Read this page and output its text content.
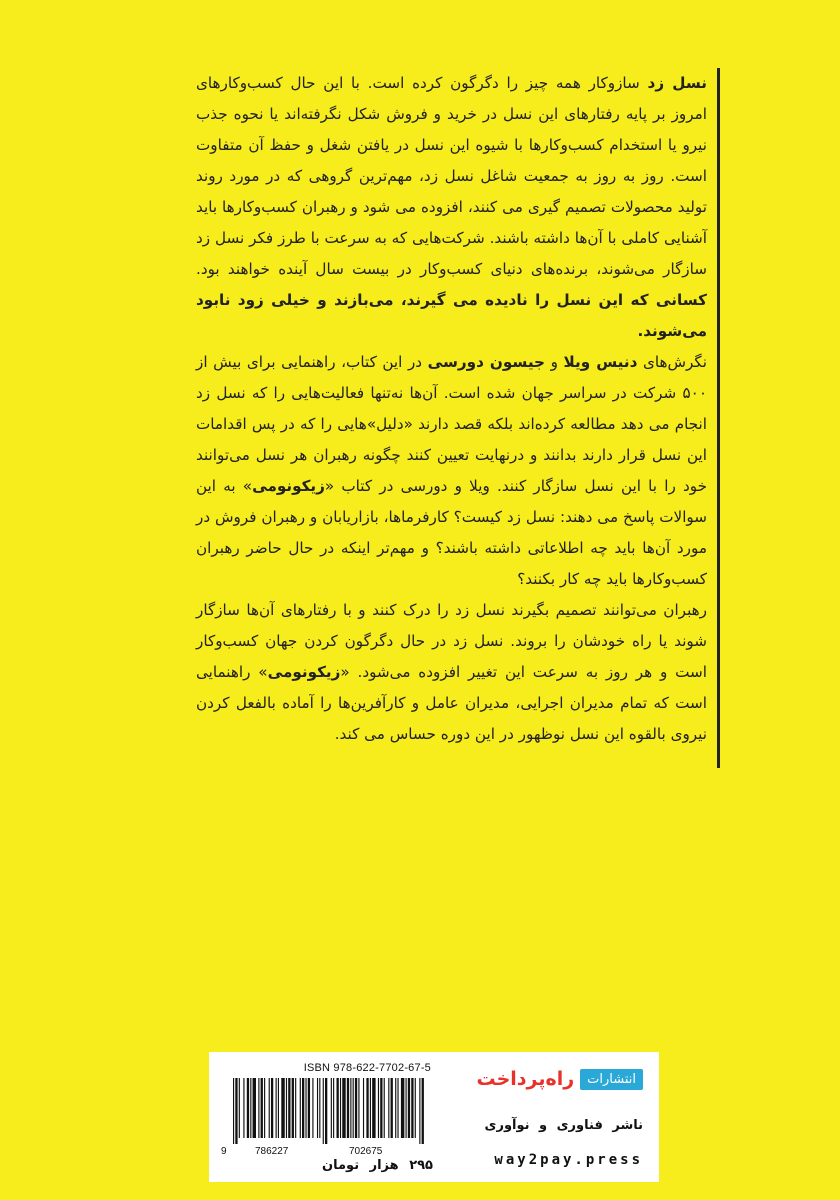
نسل زد سازوکار همه چیز را دگرگون کرده است. با این حال کسب‌وکارهای امروز بر پایه رفتارهای این نسل در خرید و فروش شکل نگرفته‌اند یا نحوه جذب نیرو یا استخدام کسب‌وکارها با شیوه این نسل در یافتن شغل و حفظ آن متفاوت است. روز به روز به جمعیت شاغل نسل زد، مهم‌ترین گروهی که در مورد روند تولید محصولات تصمیم گیری می کنند، افزوده می شود و رهبران کسب‌وکارها باید آشنایی کاملی با آن‌ها داشته باشند. شرکت‌هایی که به سرعت با طرز فکر نسل زد سازگار می‌شوند، برنده‌های دنیای کسب‌وکار در بیست سال آینده خواهند بود. کسانی که این نسل را نادیده می گیرند، می‌بازند و خیلی زود نابود می‌شوند.

نگرش‌های دنیس ویلا و جیسون دورسی در این کتاب، راهنمایی برای بیش از ۵۰۰ شرکت در سراسر جهان شده است. آن‌ها نه‌تنها فعالیت‌هایی را که نسل زد انجام می دهد مطالعه کرده‌اند بلکه قصد دارند «دلیل»هایی را که در پس اقدامات این نسل قرار دارند بدانند و درنهایت تعیین کنند چگونه رهبران هر نسل می‌توانند خود را با این نسل سازگار کنند. ویلا و دورسی در کتاب «زیکونومی» به این سوالات پاسخ می دهند: نسل زد کیست؟ کارفرماها، بازاریابان و رهبران فروش در مورد آن‌ها باید چه اطلاعاتی داشته باشند؟ و مهم‌تر اینکه در حال حاضر رهبران کسب‌وکارها باید چه کار بکنند؟

رهبران می‌توانند تصمیم بگیرند نسل زد را درک کنند و با رفتارهای آن‌ها سازگار شوند یا راه خودشان را بروند. نسل زد در حال دگرگون کردن جهان کسب‌وکار است و هر روز به سرعت این تغییر افزوده می‌شود. «زیکونومی» راهنمایی است که تمام مدیران اجرایی، مدیران عامل و کارآفرین‌ها را آماده بالفعل کردن نیروی بالقوه این نسل نوظهور در این دوره حساس می کند.

ISBN 978-622-7702-67-5
9	786227	702675
۲۹۵ هزار تومان
انتشارات
راه‌پرداخت
ناشر فناوری و نوآوری
way2pay.press
